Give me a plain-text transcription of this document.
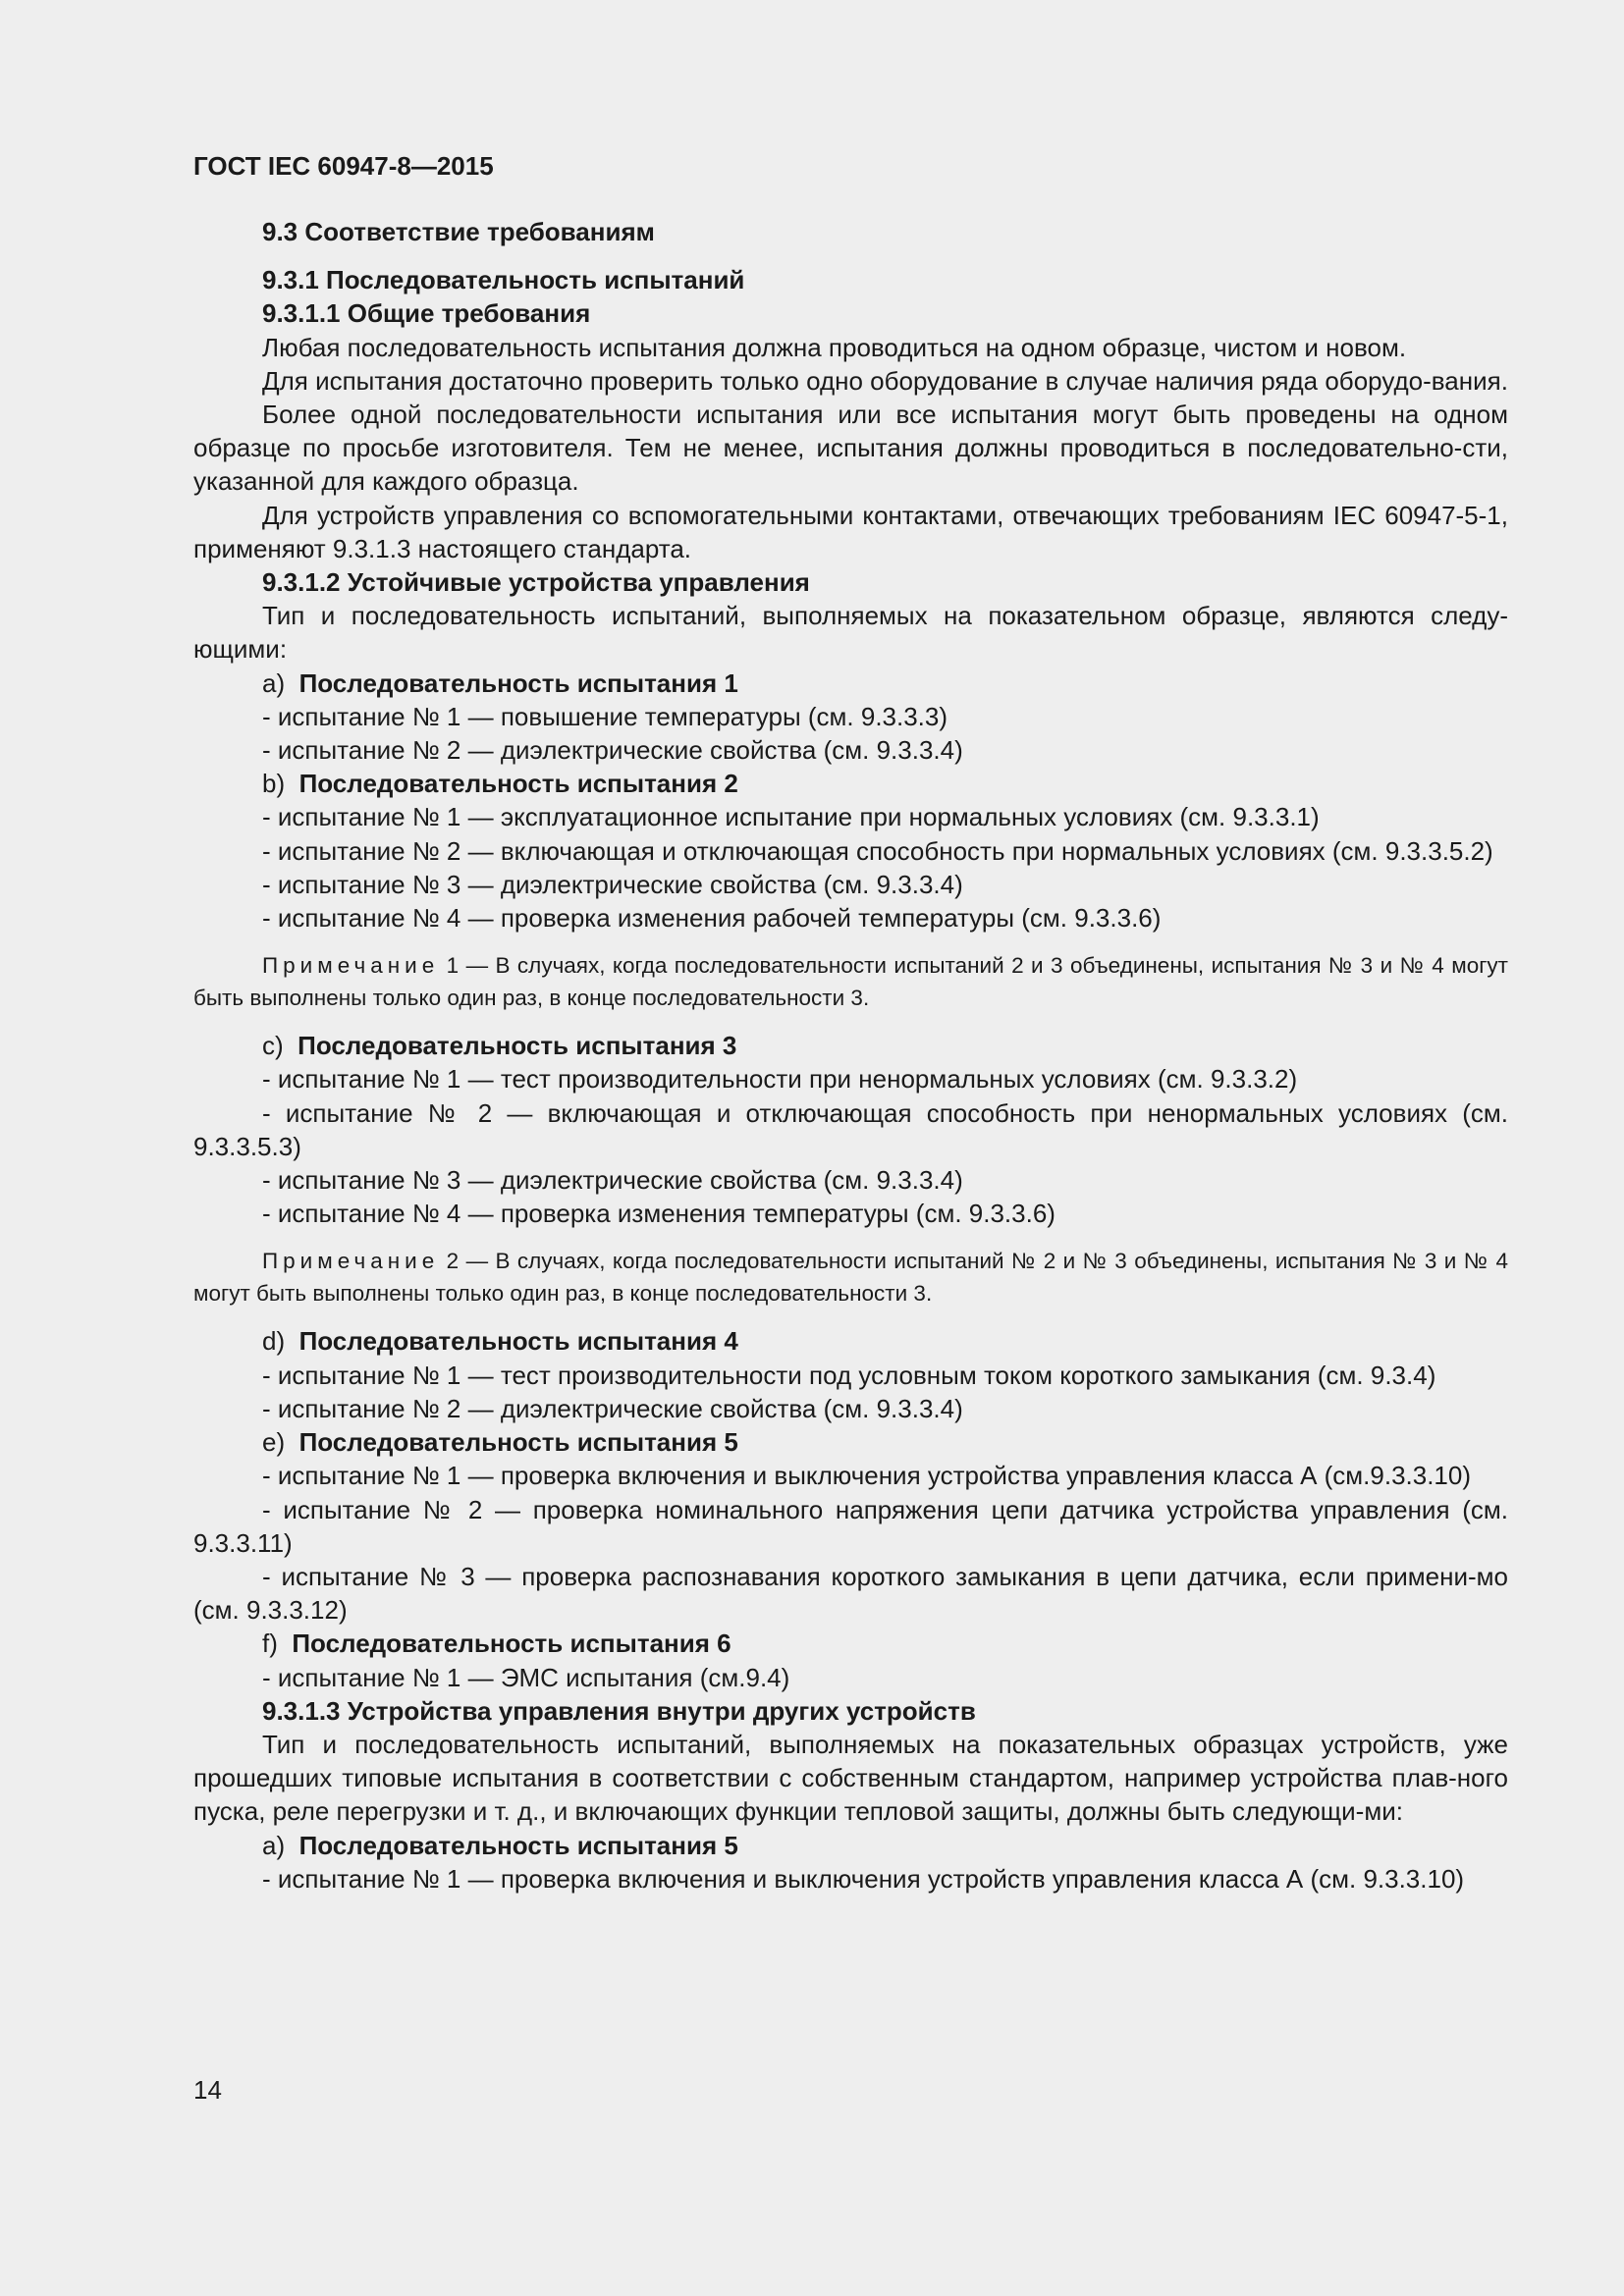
ГОСТ IEC 60947-8—2015

9.3 Соответствие требованиям

9.3.1 Последовательность испытаний

9.3.1.1 Общие требования

Любая последовательность испытания должна проводиться на одном образце, чистом и новом.

Для испытания достаточно проверить только одно оборудование в случае наличия ряда оборудо-вания.

Более одной последовательности испытания или все испытания могут быть проведены на одном образце по просьбе изготовителя. Тем не менее, испытания должны проводиться в последовательно-сти, указанной для каждого образца.

Для устройств управления со вспомогательными контактами, отвечающих требованиям IEC 60947-5-1, применяют 9.3.1.3 настоящего стандарта.

9.3.1.2 Устойчивые устройства управления

Тип и последовательность испытаний, выполняемых на показательном образце, являются следу-ющими:

a) Последовательность испытания 1

- испытание № 1 — повышение температуры (см. 9.3.3.3)

- испытание № 2 — диэлектрические свойства (см. 9.3.3.4)

b) Последовательность испытания 2

- испытание № 1 — эксплуатационное испытание при нормальных условиях (см. 9.3.3.1)

- испытание № 2 — включающая и отключающая способность при нормальных условиях (см. 9.3.3.5.2)

- испытание № 3 — диэлектрические свойства (см. 9.3.3.4)

- испытание № 4 — проверка изменения рабочей температуры (см. 9.3.3.6)

Примечание 1 — В случаях, когда последовательности испытаний 2 и 3 объединены, испытания № 3 и № 4 могут быть выполнены только один раз, в конце последовательности 3.

c) Последовательность испытания 3

- испытание № 1 — тест производительности при ненормальных условиях (см. 9.3.3.2)

- испытание № 2 — включающая и отключающая способность при ненормальных условиях (см. 9.3.3.5.3)

- испытание № 3 — диэлектрические свойства (см. 9.3.3.4)

- испытание № 4 — проверка изменения температуры (см. 9.3.3.6)

Примечание 2 — В случаях, когда последовательности испытаний № 2 и № 3 объединены, испытания № 3 и № 4 могут быть выполнены только один раз, в конце последовательности 3.

d) Последовательность испытания 4

- испытание № 1 — тест производительности под условным током короткого замыкания (см. 9.3.4)

- испытание № 2 — диэлектрические свойства (см. 9.3.3.4)

e) Последовательность испытания 5

- испытание № 1 — проверка включения и выключения устройства управления класса А (см.9.3.3.10)

- испытание № 2 — проверка номинального напряжения цепи датчика устройства управления (см. 9.3.3.11)

- испытание № 3 — проверка распознавания короткого замыкания в цепи датчика, если примени-мо (см. 9.3.3.12)

f) Последовательность испытания 6

- испытание № 1 — ЭМС испытания (см.9.4)

9.3.1.3 Устройства управления внутри других устройств

Тип и последовательность испытаний, выполняемых на показательных образцах устройств, уже прошедших типовые испытания в соответствии с собственным стандартом, например устройства плав-ного пуска, реле перегрузки и т. д., и включающих функции тепловой защиты, должны быть следующи-ми:

a) Последовательность испытания 5

- испытание № 1 — проверка включения и выключения устройств управления класса А (см. 9.3.3.10)

14
